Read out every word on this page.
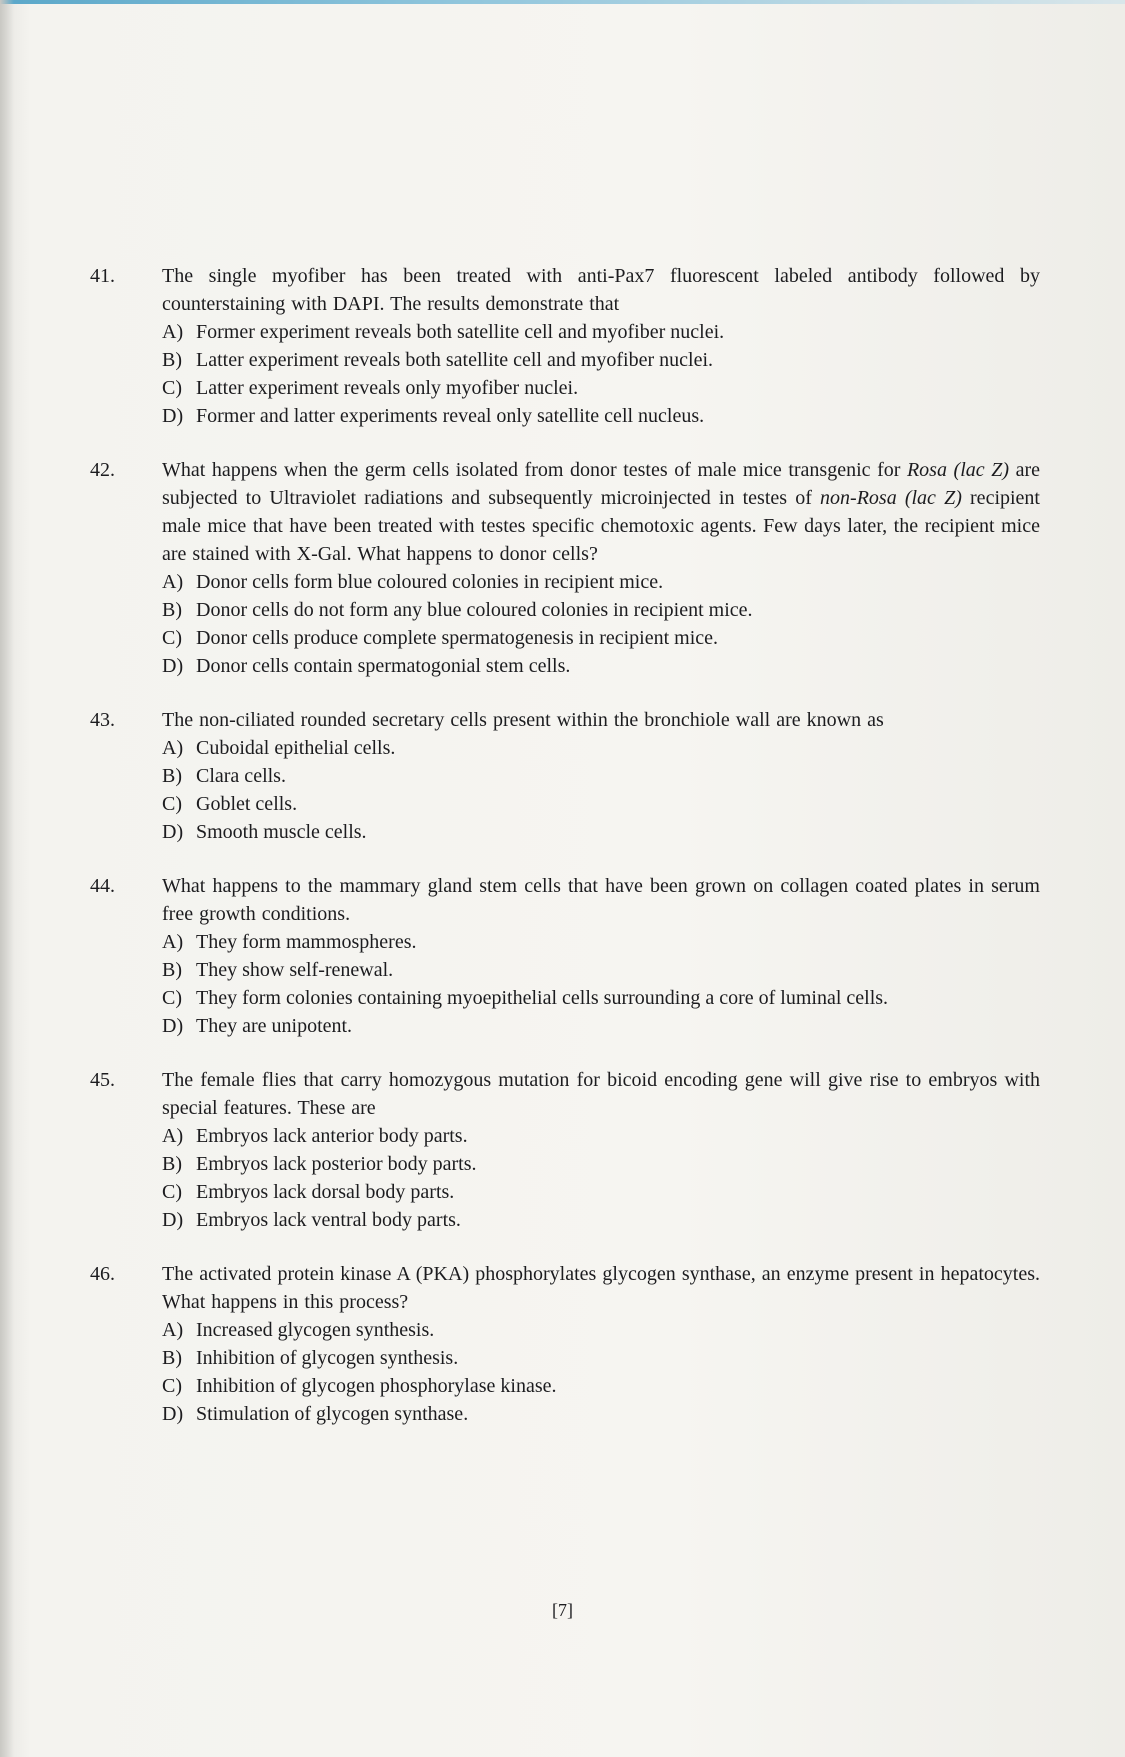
41.	The single myofiber has been treated with anti-Pax7 fluorescent labeled antibody followed by counterstaining with DAPI. The results demonstrate that
A) Former experiment reveals both satellite cell and myofiber nuclei.
B) Latter experiment reveals both satellite cell and myofiber nuclei.
C) Latter experiment reveals only myofiber nuclei.
D) Former and latter experiments reveal only satellite cell nucleus.
42.	What happens when the germ cells isolated from donor testes of male mice transgenic for Rosa (lac Z) are subjected to Ultraviolet radiations and subsequently microinjected in testes of non-Rosa (lac Z) recipient male mice that have been treated with testes specific chemotoxic agents. Few days later, the recipient mice are stained with X-Gal. What happens to donor cells?
A) Donor cells form blue coloured colonies in recipient mice.
B) Donor cells do not form any blue coloured colonies in recipient mice.
C) Donor cells produce complete spermatogenesis in recipient mice.
D) Donor cells contain spermatogonial stem cells.
43.	The non-ciliated rounded secretary cells present within the bronchiole wall are known as
A) Cuboidal epithelial cells.
B) Clara cells.
C) Goblet cells.
D) Smooth muscle cells.
44.	What happens to the mammary gland stem cells that have been grown on collagen coated plates in serum free growth conditions.
A) They form mammospheres.
B) They show self-renewal.
C) They form colonies containing myoepithelial cells surrounding a core of luminal cells.
D) They are unipotent.
45.	The female flies that carry homozygous mutation for bicoid encoding gene will give rise to embryos with special features. These are
A) Embryos lack anterior body parts.
B) Embryos lack posterior body parts.
C) Embryos lack dorsal body parts.
D) Embryos lack ventral body parts.
46.	The activated protein kinase A (PKA) phosphorylates glycogen synthase, an enzyme present in hepatocytes. What happens in this process?
A) Increased glycogen synthesis.
B) Inhibition of glycogen synthesis.
C) Inhibition of glycogen phosphorylase kinase.
D) Stimulation of glycogen synthase.
[7]
